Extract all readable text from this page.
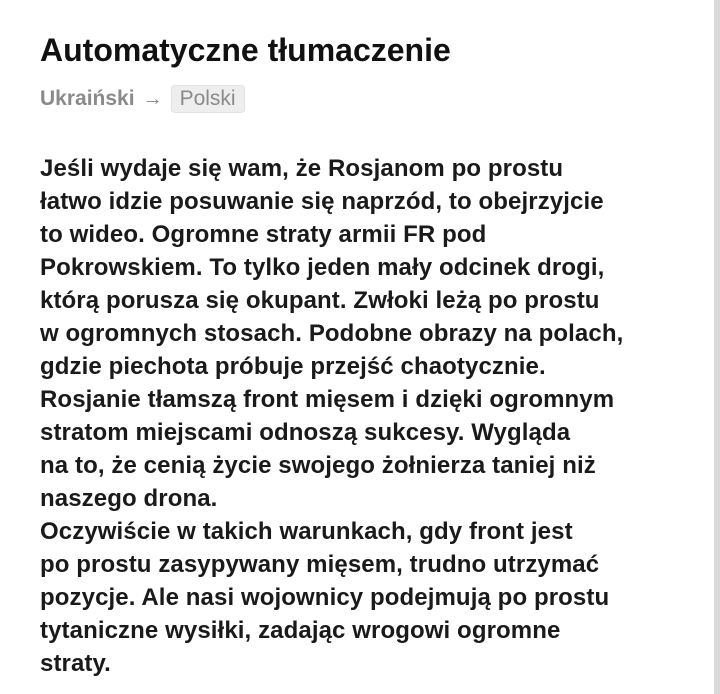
Automatyczne tłumaczenie
Ukraiński → Polski
Jeśli wydaje się wam, że Rosjanom po prostu
łatwo idzie posuwanie się naprzód, to obejrzyjcie
to wideo. Ogromne straty armii FR pod
Pokrowskiem. To tylko jeden mały odcinek drogi,
którą porusza się okupant. Zwłoki leżą po prostu
w ogromnych stosach. Podobne obrazy na polach,
gdzie piechota próbuje przejść chaotycznie.
Rosjanie tłamszą front mięsem i dzięki ogromnym
stratom miejscami odnoszą sukcesy. Wygląda
na to, że cenią życie swojego żołnierza taniej niż
naszego drona.
Oczywiście w takich warunkach, gdy front jest
po prostu zasypywany mięsem, trudno utrzymać
pozycje. Ale nasi wojownicy podejmują po prostu
tytaniczne wysiłki, zadając wrogowi ogromne
straty.
